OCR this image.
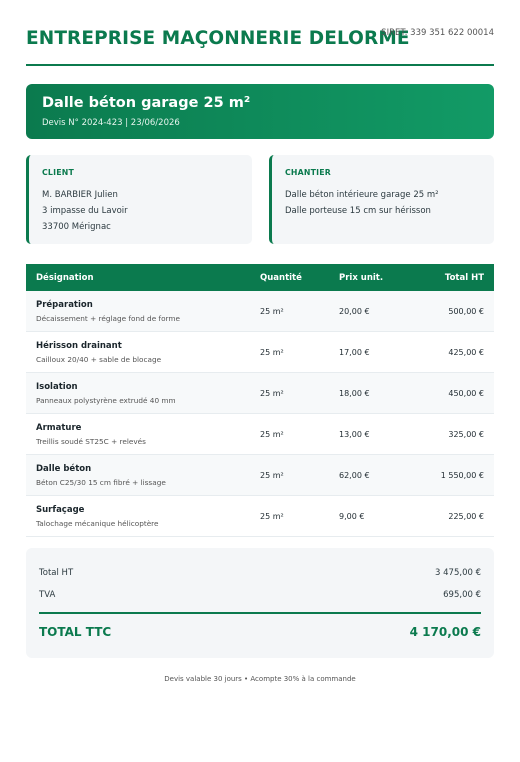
ENTREPRISE MAÇONNERIE DELORME
SIRET: 339 351 622 00014
Dalle béton garage 25 m²
Devis N° 2024-423 | 23/06/2026
CLIENT
M. BARBIER Julien
3 impasse du Lavoir
33700 Mérignac
CHANTIER
Dalle béton intérieure garage 25 m²
Dalle porteuse 15 cm sur hérisson
Désignation	Quantité	Prix unit.	Total HT

Préparation
Décaissement + réglage fond de forme	25 m²	20,00 €	500,00 €

Hérisson drainant
Cailloux 20/40 + sable de blocage	25 m²	17,00 €	425,00 €

Isolation
Panneaux polystyrène extrudé 40 mm	25 m²	18,00 €	450,00 €

Armature
Treillis soudé ST25C + relevés	25 m²	13,00 €	325,00 €

Dalle béton
Béton C25/30 15 cm fibré + lissage	25 m²	62,00 €	1 550,00 €

Surfaçage
Talochage mécanique hélicoptère	25 m²	9,00 €	225,00 €
Total HT	3 475,00 €
TVA	695,00 €
TOTAL TTC	4 170,00 €
Devis valable 30 jours • Acompte 30% à la commande
